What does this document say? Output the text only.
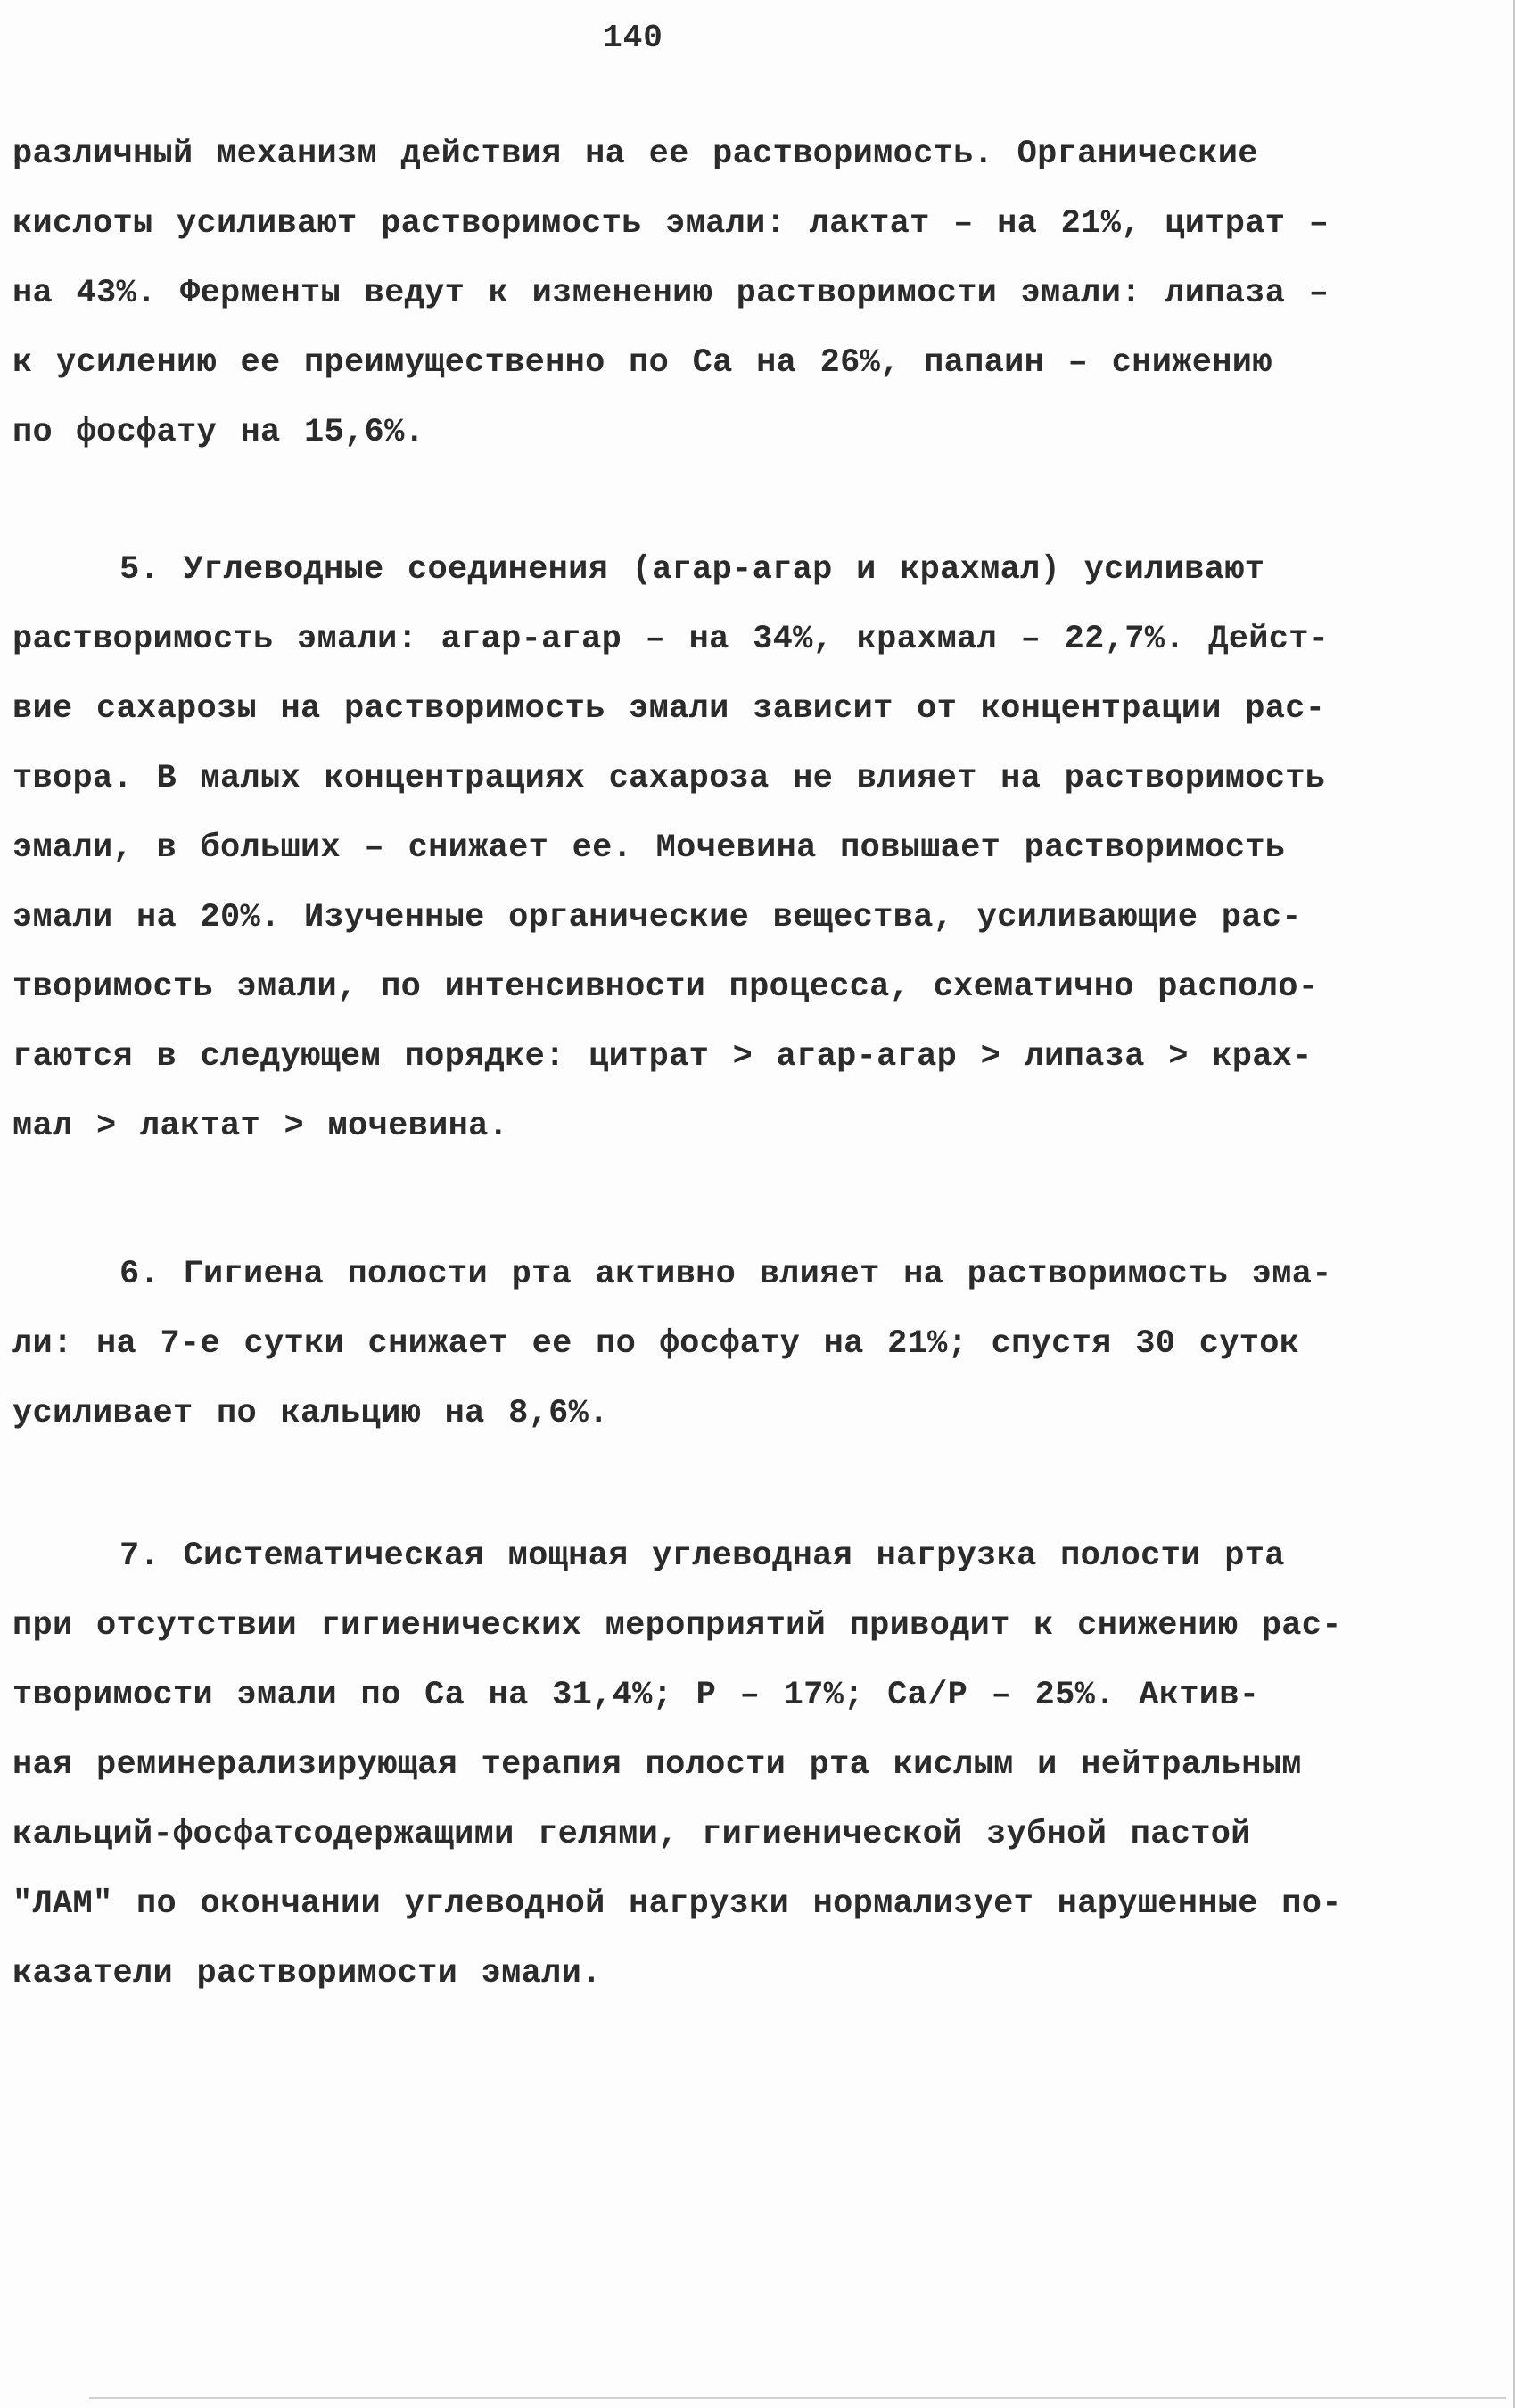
140
различный механизм действия на ее растворимость. Органические
кислоты усиливают растворимость эмали: лактат – на 21%, цитрат –
на 43%. Ферменты ведут к изменению растворимости эмали: липаза –
к усилению ее преимущественно по Ca на 26%, папаин – снижению
по фосфату на 15,6%.
5. Углеводные соединения (агар-агар и крахмал) усиливают
растворимость эмали: агар-агар – на 34%, крахмал – 22,7%. Дейст-
вие сахарозы на растворимость эмали зависит от концентрации рас-
твора. В малых концентрациях сахароза не влияет на растворимость
эмали, в больших – снижает ее. Мочевина повышает растворимость
эмали на 20%. Изученные органические вещества, усиливающие рас-
творимость эмали, по интенсивности процесса, схематично располо-
гаются в следующем порядке: цитрат > агар-агар > липаза > крах-
мал > лактат > мочевина.
6. Гигиена полости рта активно влияет на растворимость эма-
ли: на 7-е сутки снижает ее по фосфату на 21%; спустя 30 суток
усиливает по кальцию на 8,6%.
7. Систематическая мощная углеводная нагрузка полости рта
при отсутствии гигиенических мероприятий приводит к снижению рас-
творимости эмали по Ca на 31,4%; P – 17%; Ca/P – 25%. Актив-
ная реминерализирующая терапия полости рта кислым и нейтральным
кальций-фосфатсодержащими гелями, гигиенической зубной пастой
"ЛАМ" по окончании углеводной нагрузки нормализует нарушенные по-
казатели растворимости эмали.
